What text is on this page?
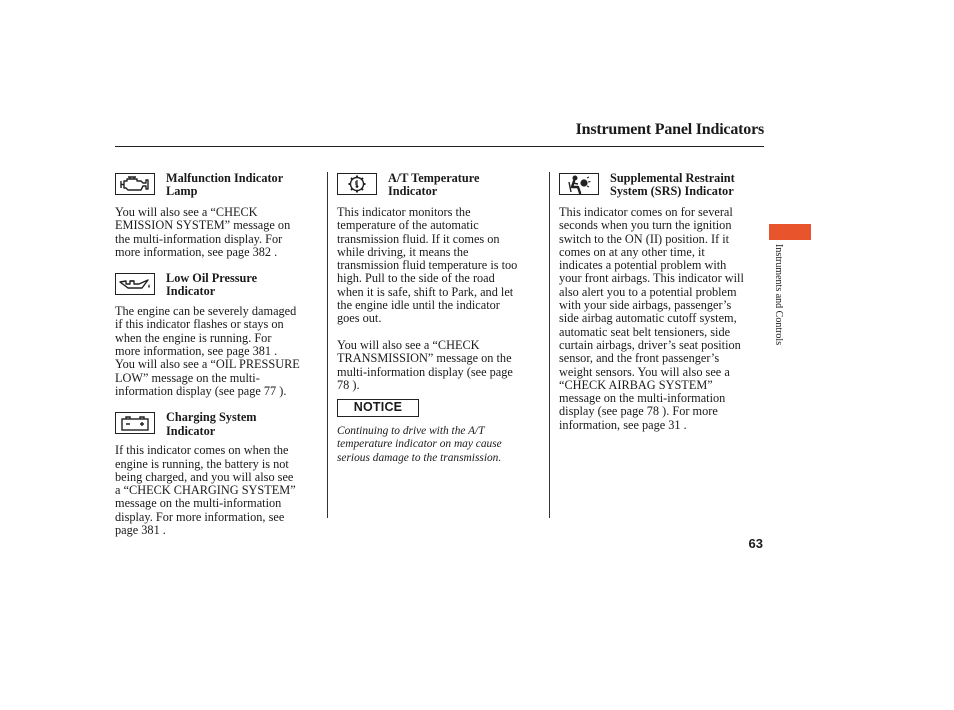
Instrument Panel Indicators
Malfunction Indicator
Lamp
You will also see a “CHECK
EMISSION SYSTEM” message on
the multi-information display. For
more information, see page 382 .
Low Oil Pressure
Indicator
The engine can be severely damaged
if this indicator flashes or stays on
when the engine is running. For
more information, see page 381 .
You will also see a “OIL PRESSURE
LOW” message on the multi-
information display (see page 77 ).
Charging System
Indicator
If this indicator comes on when the
engine is running, the battery is not
being charged, and you will also see
a “CHECK CHARGING SYSTEM”
message on the multi-information
display. For more information, see
page 381 .
A/T Temperature
Indicator
This indicator monitors the
temperature of the automatic
transmission fluid. If it comes on
while driving, it means the
transmission fluid temperature is too
high. Pull to the side of the road
when it is safe, shift to Park, and let
the engine idle until the indicator
goes out.
You will also see a “CHECK
TRANSMISSION” message on the
multi-information display (see page
78 ).
NOTICE
Continuing to drive with the A/T
temperature indicator on may cause
serious damage to the transmission.
Supplemental Restraint
System (SRS) Indicator
This indicator comes on for several
seconds when you turn the ignition
switch to the ON (II) position. If it
comes on at any other time, it
indicates a potential problem with
your front airbags. This indicator will
also alert you to a potential problem
with your side airbags, passenger’s
side airbag automatic cutoff system,
automatic seat belt tensioners, side
curtain airbags, driver’s seat position
sensor, and the front passenger’s
weight sensors. You will also see a
“CHECK AIRBAG SYSTEM”
message on the multi-information
display (see page 78 ). For more
information, see page 31 .
Instruments and Controls
63
